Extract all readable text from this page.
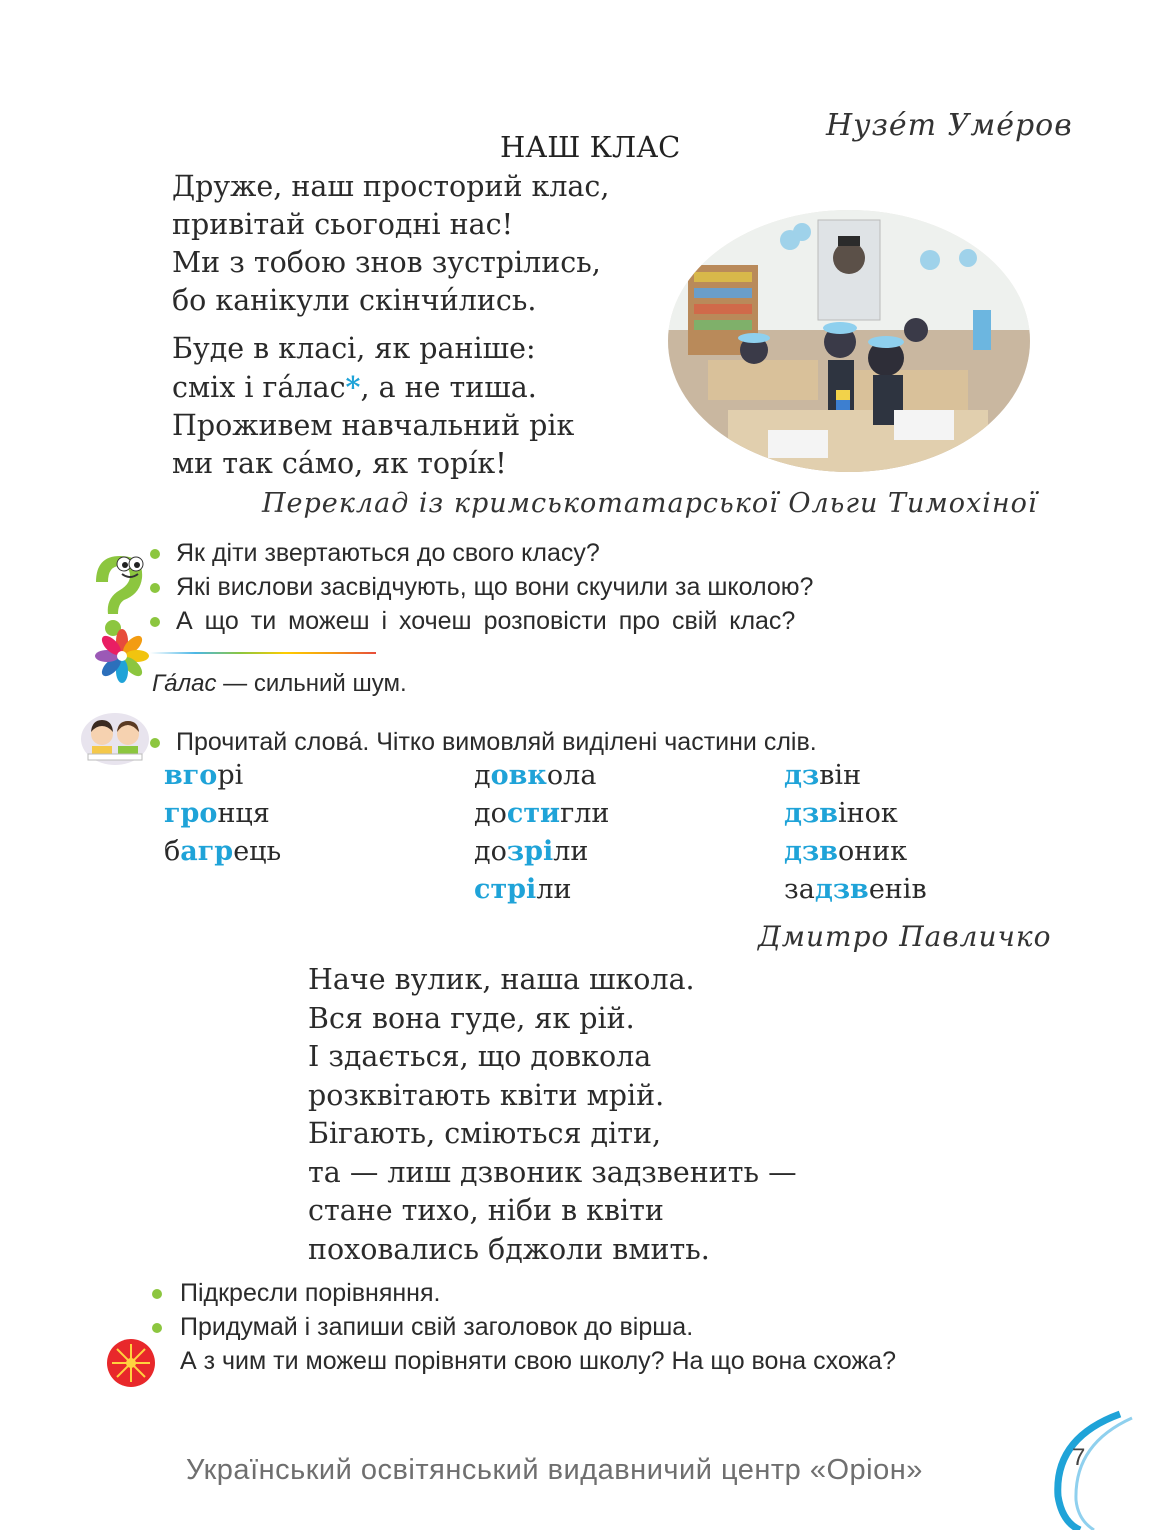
Нузе́т Уме́ров
НАШ КЛАС
Друже, наш просторий клас,
привітай сьогодні нас!
Ми з тобою знов зустрілись,
бо канікули скінчи́лись.
Буде в класі, як раніше:
сміх і га́лас*, а не тиша.
Проживем навчальний рік
ми так са́мо, як торі́к!
Переклад із кримськотатарської Ольги Тимохіної
Як діти звертаються до свого класу?
Які вислови засвідчують, що вони скучили за школою?
А що ти можеш і хочеш розповісти про свій клас?
Га́лас — сильний шум.
Прочитай слова́. Чітко вимовляй виділені частини слів.
вгорі
гронця
багрець
довкола
достигли
дозріли
стріли
дзвін
дзвінок
дзвоник
задзвенів
Дмитро Павличко
Наче вулик, наша школа.
Вся вона гуде, як рій.
І здається, що довкола
розквітають квіти мрій.
Бігають, сміються діти,
та — лиш дзвоник задзвенить —
стане тихо, ніби в квіти
поховались бджоли вмить.
Підкресли порівняння.
Придумай і запиши свій заголовок до вірша.
А з чим ти можеш порівняти свою школу? На що вона схожа?
Український освітянський видавничий центр «Оріон»	7
